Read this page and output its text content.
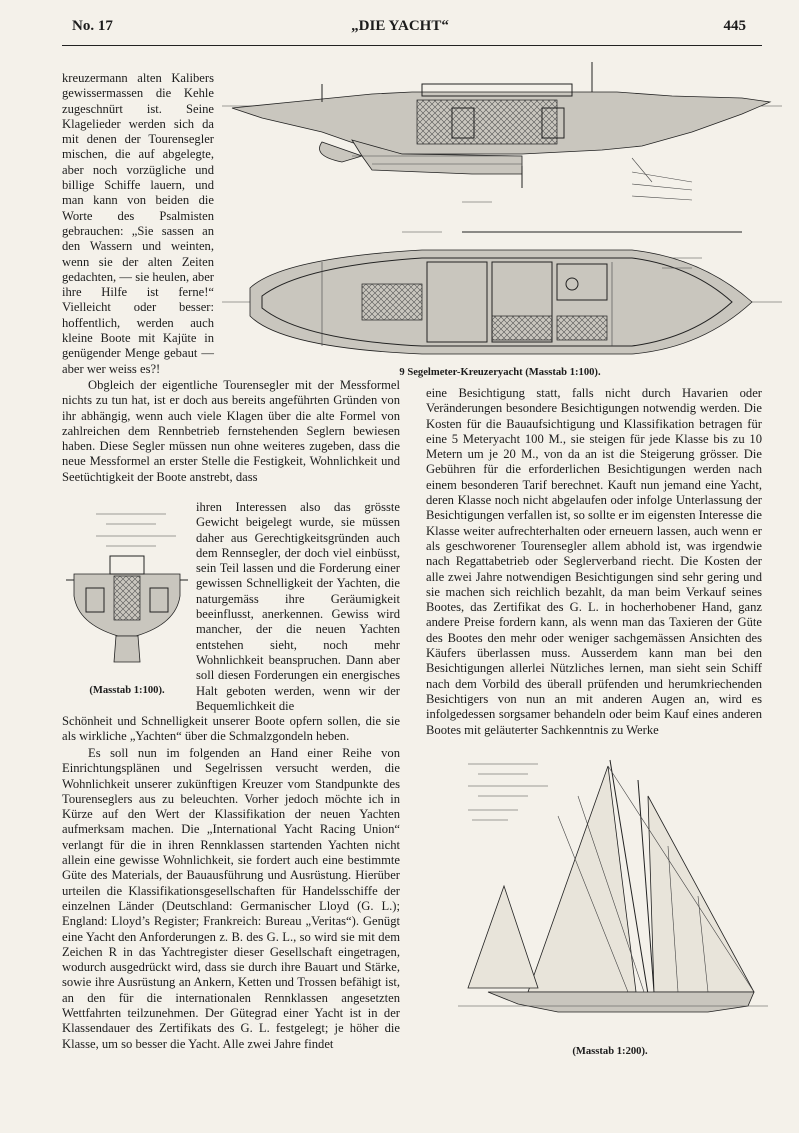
No. 17	„DIE YACHT“	445
9 Segelmeter-Kreuzeryacht (Masstab 1:100).

kreuzermann alten Kalibers gewissermassen die Kehle zugeschnürt ist. Seine Klagelieder werden sich da mit denen der Tourensegler mischen, die auf abgelegte, aber noch vorzügliche und billige Schiffe lauern, und man kann von beiden die Worte des Psalmisten gebrauchen: „Sie sassen an den Wassern und weinten, wenn sie der alten Zeiten gedachten, — sie heulen, aber ihre Hilfe ist ferne!“ Vielleicht oder besser: hoffentlich, werden auch kleine Boote mit Kajüte in genügender Menge gebaut — aber wer weiss es?!

Obgleich der eigentliche Tourensegler mit der Messformel nichts zu tun hat, ist er doch aus bereits angeführten Gründen von ihr abhängig, wenn auch viele Klagen über die alte Formel von zahlreichen dem Rennbetrieb fernstehenden Seglern bewiesen haben. Diese Segler müssen nun ohne weiteres zugeben, dass die neue Messformel an erster Stelle die Festigkeit, Wohnlichkeit und Seetüchtigkeit der Boote anstrebt, dass

(Masstab 1:100).

ihren Interessen also das grösste Gewicht beigelegt wurde, sie müssen daher aus Gerechtigkeitsgründen auch dem Rennsegler, der doch viel einbüsst, sein Teil lassen und die Forderung einer gewissen Schnelligkeit der Yachten, die naturgemäss ihre Geräumigkeit beeinflusst, anerkennen. Gewiss wird mancher, der die neuen Yachten entstehen sieht, noch mehr Wohnlichkeit beanspruchen. Dann aber soll diesen Forderungen ein energisches Halt geboten werden, wenn wir der Bequemlichkeit die

Schönheit und Schnelligkeit unserer Boote opfern sollen, die sie als wirkliche „Yachten“ über die Schmalzgondeln heben.

Es soll nun im folgenden an Hand einer Reihe von Einrichtungsplänen und Segelrissen versucht werden, die Wohnlichkeit unserer zukünftigen Kreuzer vom Standpunkte des Tourenseglers aus zu beleuchten. Vorher jedoch möchte ich in Kürze auf den Wert der Klassifikation der neuen Yachten aufmerksam machen. Die „International Yacht Racing Union“ verlangt für die in ihren Rennklassen startenden Yachten nicht allein eine gewisse Wohnlichkeit, sie fordert auch eine bestimmte Güte des Materials, der Bauausführung und Ausrüstung. Hierüber urteilen die Klassifikationsgesellschaften für Handelsschiffe der einzelnen Länder (Deutschland: Germanischer Lloyd (G. L.); England: Lloyd’s Register; Frankreich: Bureau „Veritas“). Genügt eine Yacht den Anforderungen z. B. des G. L., so wird sie mit dem Zeichen R in das Yachtregister dieser Gesellschaft eingetragen, wodurch ausgedrückt wird, dass sie durch ihre Bauart und Stärke, sowie ihre Ausrüstung an Ankern, Ketten und Trossen befähigt ist, an den für die internationalen Rennklassen angesetzten Wettfahrten teilzunehmen. Der Gütegrad einer Yacht ist in der Klassendauer des Zertifikats des G. L. festgelegt; je höher die Klasse, um so besser die Yacht. Alle zwei Jahre findet

eine Besichtigung statt, falls nicht durch Havarien oder Veränderungen besondere Besichtigungen notwendig werden. Die Kosten für die Bauaufsichtigung und Klassifikation betragen für eine 5 Meteryacht 100 M., sie steigen für jede Klasse bis zu 10 Metern um je 20 M., von da an ist die Steigerung grösser. Die Gebühren für die erforderlichen Besichtigungen werden nach einem besonderen Tarif berechnet. Kauft nun jemand eine Yacht, deren Klasse noch nicht abgelaufen oder infolge Unterlassung der Besichtigungen verfallen ist, so sollte er im eigensten Interesse die Klasse weiter aufrechterhalten oder erneuern lassen, auch wenn er als geschworener Tourensegler allem abhold ist, was irgendwie nach Regattabetrieb oder Seglerverband riecht. Die Kosten der alle zwei Jahre notwendigen Besichtigungen sind sehr gering und sie machen sich reichlich bezahlt, da man beim Verkauf seines Bootes, das Zertifikat des G. L. in hocherhobener Hand, ganz andere Preise fordern kann, als wenn man das Taxieren der Güte des Bootes den mehr oder weniger sachgemässen Ansichten des Käufers überlassen muss. Ausserdem kann man bei den Besichtigungen allerlei Nützliches lernen, man sieht sein Schiff nach dem Vorbild des überall prüfenden und herumkriechenden Besichtigers von nun an mit anderen Augen an, wird es infolgedessen sorgsamer behandeln oder beim Kauf eines anderen Bootes mit geläuterter Sachkenntnis zu Werke

(Masstab 1:200).
